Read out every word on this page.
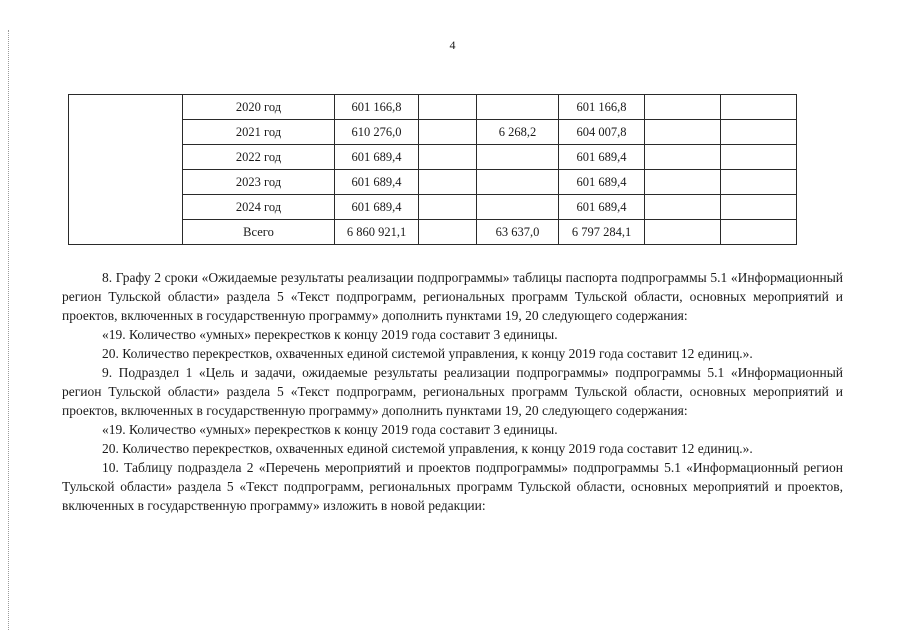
4
	2020 год	601 166,8			601 166,8		
	2021 год	610 276,0		6 268,2	604 007,8		
	2022 год	601 689,4			601 689,4		
	2023 год	601 689,4			601 689,4		
	2024 год	601 689,4			601 689,4		
	Всего	6 860 921,1		63 637,0	6 797 284,1		

8. Графу 2 сроки «Ожидаемые результаты реализации подпрограммы» таблицы паспорта подпрограммы 5.1 «Информационный регион Тульской области» раздела 5 «Текст подпрограмм, региональных программ Тульской области, основных мероприятий и проектов, включенных в государственную программу» дополнить пунктами 19, 20 следующего содержания:

«19. Количество «умных» перекрестков к концу 2019 года составит 3 единицы.

20. Количество перекрестков, охваченных единой системой управления, к концу 2019 года составит 12 единиц.».

9. Подраздел 1 «Цель и задачи, ожидаемые результаты реализации подпрограммы» подпрограммы 5.1 «Информационный регион Тульской области» раздела 5 «Текст подпрограмм, региональных программ Тульской области, основных мероприятий и проектов, включенных в государственную программу» дополнить пунктами 19, 20 следующего содержания:

«19. Количество «умных» перекрестков к концу 2019 года составит 3 единицы.

20. Количество перекрестков, охваченных единой системой управления, к концу 2019 года составит 12 единиц.».

10. Таблицу подраздела 2 «Перечень мероприятий и проектов подпрограммы» подпрограммы 5.1 «Информационный регион Тульской области» раздела 5 «Текст подпрограмм, региональных программ Тульской области, основных мероприятий и проектов, включенных в государственную программу» изложить в новой редакции:
